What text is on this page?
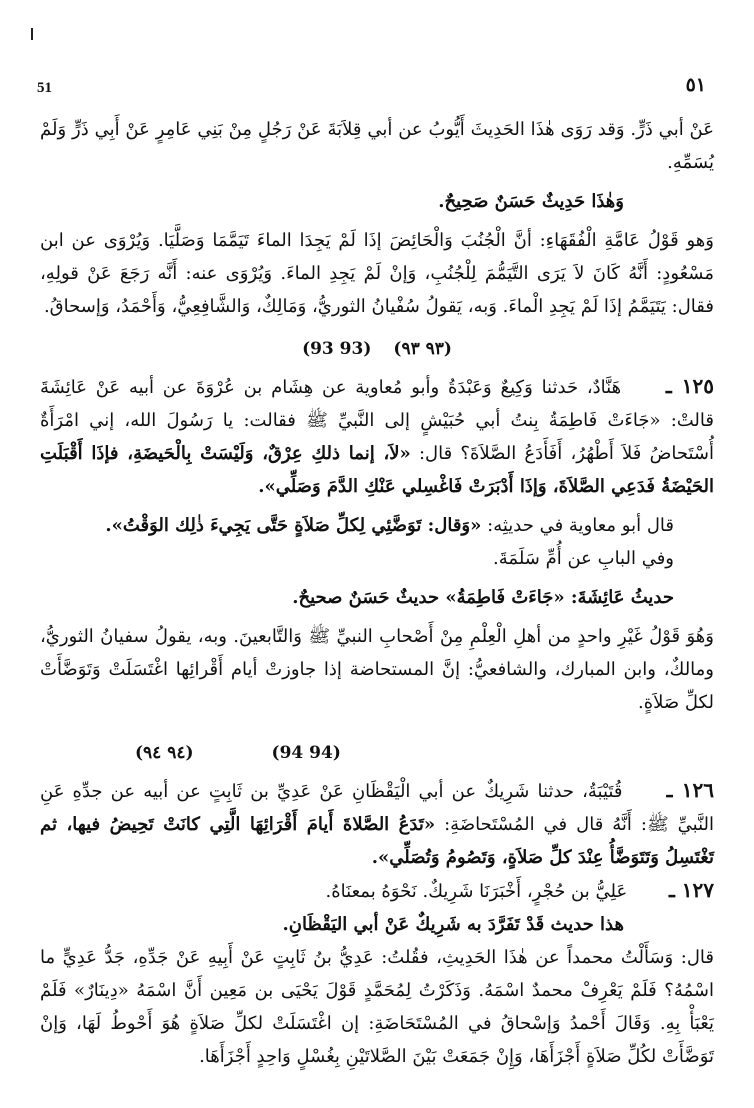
51	٥١

عَنْ أبي ذَرٍّ. وَقد رَوَى هٰذَا الحَدِيثَ أَيُّوبُ عن أبي قِلاَبَةَ عَنْ رَجُلٍ مِنْ بَنِي عَامِرٍ عَنْ أَبِي ذَرٍّ وَلَمْ يُسَمِّهِ.

وَهٰذَا حَدِيثٌ حَسَنٌ صَحِيحٌ.

وَهو قَوْلُ عَامَّةِ الْفُقَهَاءِ: أنَّ الْجُنُبَ وَالْحَائِضَ إذَا لَمْ يَجِدَا الماءَ تَيَمَّمَا وَصَلَّيَا. وَيُرْوَى عن ابن مَسْعُودٍ: أَنَّهُ كَانَ لاَ يَرَى التَّيَمُّمَ لِلْجُنُبِ، وَإنْ لَمْ يَجِدِ الماءَ. وَيُرْوَى عنه: أَنَّه رَجَعَ عَنْ قولِهِ، فقال: يَتَيَمَّمُ إذَا لَمْ يَجِدِ الْماءَ. وَبه، يَقولُ سُفْيانُ الثوريُّ، وَمَالِكٌ، وَالشَّافِعِيُّ، وَأَحْمَدُ، وَإسحاقُ.

(93 93) (٩٣ ٩٣)

١٢٥ ـ هَنَّادٌ، حَدثنا وَكِيعٌ وَعَبْدَةُ وأبو مُعاوية عن هِشَام بن عُرْوَةَ عن أبيه عَنْ عَائِشَةَ قالتْ: «جَاءَتْ فَاطِمَةُ بِنتُ أبي حُبَيْشٍ إلى النَّبيِّ ﷺ فقالت: يا رَسُولَ الله، إني امْرَأَةٌ أُسْتَحاضُ فَلاَ أَطْهُرُ، أَفَأَدَعُ الصَّلاَةَ؟ قال: «لاَ، إنما ذلكِ عِرْقٌ، وَلَيْسَتْ بِالْحَيضَةِ، فإذَا أَقْبَلَتِ الحَيْضَةُ فَدَعِي الصَّلاَةَ، وَإذَا أَدْبَرَتْ فَاغْسِلي عَنْكِ الدَّمَ وَصَلِّي».

قال أبو معاوية في حديثِه: «وَقال: تَوَضَّئِي لِكلِّ صَلاَةٍ حَتَّى يَجِيءَ ذٰلِك الوَقْتُ».

وفي البابِ عن أُمِّ سَلَمَةَ.

حديثُ عَائِشَةَ: «جَاءَتْ فَاطِمَةُ» حديثٌ حَسَنٌ صحيحٌ.

وَهُوَ قَوْلُ غَيْرِ واحدٍ من أهلِ الْعِلْمِ مِنْ أَصْحابِ النبيِّ ﷺ وَالتَّابعينَ. وبه، يقولُ سفيانُ الثوريُّ، ومالكٌ، وابن المبارك، والشافعيُّ: إنَّ المستحاضة إذا جاوزتْ أيام أَقْرائِها اغْتَسَلَتْ وَتَوَضَّأَتْ لكلِّ صَلاَةٍ.

(٩٤ ٩٤)	(94 94)

١٢٦ ـ قُتَيْبَةُ، حدثنا شَرِيكٌ عن أبي الْيَقْظَانِ عَنْ عَدِيِّ بن ثَابِتٍ عن أبيه عن جدِّهِ عَنِ النَّبيِّ ﷺ: أَنَّهُ قال في المُسْتَحاضَةِ: «تَدَعُ الصَّلاةَ أَيامَ أَقْرَائِهَا الَّتِي كانَتْ تَحِيضُ فيها، ثم تَغْتَسِلُ وَتَتَوَضَّأُ عِنْدَ كلِّ صَلاَةٍ، وَتَصُومُ وَتُصَلِّي».

١٢٧ ـ عَلِيُّ بن حُجْرٍ، أَخْبَرَنَا شَرِيكٌ. نَحْوَهُ بمعنَاهُ.

هذا حديث قَدْ تَفَرَّدَ به شَرِيكٌ عَنْ أبي اليَقْظَانِ.

قال: وَسَأَلْتُ محمداً عن هٰذَا الحَدِيثِ، فقُلتُ: عَدِيُّ بنُ ثَابِتٍ عَنْ أَبِيهِ عَنْ جَدِّهِ، جَدُّ عَدِيٍّ ما اسْمُهُ؟ فَلَمْ يَعْرِفْ محمدٌ اسْمَهُ. وَذَكَرْتُ لِمُحَمَّدٍ قَوْلَ يَحْيَى بن مَعِين أَنَّ اسْمَهُ «دِينَارٌ» فَلَمْ يَعْبَأْ بِهِ. وَقَالَ أَحْمدُ وَإسْحاقُ في المُسْتَحَاضَةِ: إن اغْتَسَلَتْ لكلِّ صَلاَةٍ هُوَ أَحْوطُ لَهَا، وَإنْ تَوَضَّأَتْ لكُلِّ صَلاَةٍ أَجْزَأَهَا، وَإِنْ جَمَعَتْ بَيْنَ الصَّلاتَيْنِ بِغُسْلٍ وَاحِدٍ أَجْزَأَهَا.
